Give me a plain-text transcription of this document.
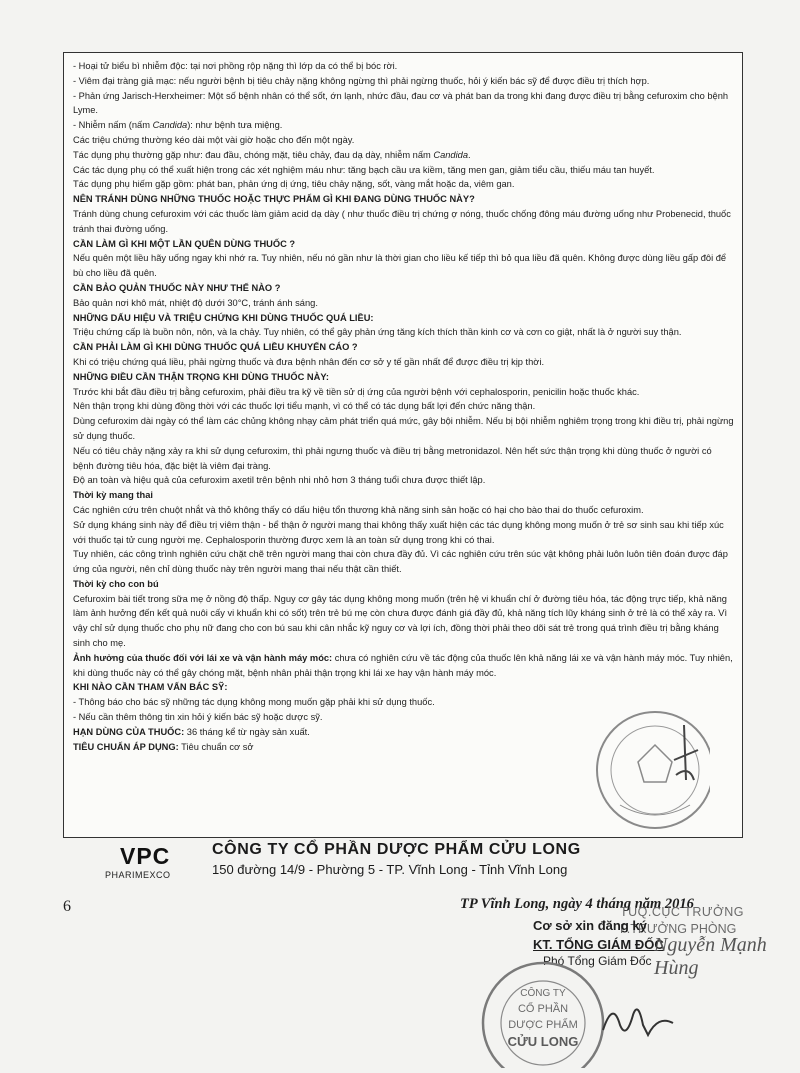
- Hoại tử biểu bì nhiễm độc: tại nơi phồng rộp nặng thì lớp da có thể bị bóc rời.

- Viêm đại tràng giả mạc: nếu người bệnh bị tiêu chảy nặng không ngừng thì phải ngừng thuốc, hỏi ý kiến bác sỹ để được điều trị thích hợp.

- Phản ứng Jarisch-Herxheimer: Một số bệnh nhân có thể sốt, ớn lạnh, nhức đầu, đau cơ và phát ban da trong khi đang được điều trị bằng cefuroxim cho bệnh Lyme.

- Nhiễm nấm (nấm Candida): như bệnh tưa miệng.

Các triệu chứng thường kéo dài một vài giờ hoặc cho đến một ngày.

Tác dụng phụ thường gặp như: đau đầu, chóng mặt, tiêu chảy, đau dạ dày, nhiễm nấm Candida.

Các tác dụng phụ có thể xuất hiện trong các xét nghiệm máu như: tăng bạch cầu ưa kiềm, tăng men gan, giảm tiểu cầu, thiếu máu tan huyết.

Tác dụng phụ hiếm gặp gồm: phát ban, phản ứng dị ứng, tiêu chảy nặng, sốt, vàng mắt hoặc da, viêm gan.

NÊN TRÁNH DÙNG NHỮNG THUỐC HOẶC THỰC PHẨM GÌ KHI ĐANG DÙNG THUỐC NÀY?

Tránh dùng chung cefuroxim với các thuốc làm giảm acid dạ dày ( như thuốc điều trị chứng ợ nóng, thuốc chống đông máu đường uống như Probenecid, thuốc tránh thai đường uống.

CẦN LÀM GÌ KHI MỘT LẦN QUÊN DÙNG THUỐC ?

Nếu quên một liều hãy uống ngay khi nhớ ra. Tuy nhiên, nếu nó gần như là thời gian cho liều kế tiếp thì bỏ qua liều đã quên. Không được dùng liều gấp đôi để bù cho liều đã quên.

CẦN BẢO QUẢN THUỐC NÀY NHƯ THẾ NÀO ?

Bảo quản nơi khô mát, nhiệt độ dưới 30°C, tránh ánh sáng.

NHỮNG DẤU HIỆU VÀ TRIỆU CHỨNG KHI DÙNG THUỐC QUÁ LIỀU:

Triệu chứng cấp là buồn nôn, nôn, và la chảy. Tuy nhiên, có thể gây phản ứng tăng kích thích thần kinh cơ và cơn co giật, nhất là ở người suy thận.

CẦN PHẢI LÀM GÌ KHI DÙNG THUỐC QUÁ LIỀU KHUYẾN CÁO ?

Khi có triệu chứng quá liều, phải ngừng thuốc và đưa bệnh nhân đến cơ sở y tế gần nhất để được điều trị kịp thời.

NHỮNG ĐIỀU CẦN THẬN TRỌNG KHI DÙNG THUỐC NÀY:

Trước khi bắt đầu điều trị bằng cefuroxim, phải điều tra kỹ về tiền sử dị ứng của người bệnh với cephalosporin, penicilin hoặc thuốc khác.

Nên thận trọng khi dùng đồng thời với các thuốc lợi tiểu mạnh, vì có thể có tác dụng bất lợi đến chức năng thận.

Dùng cefuroxim dài ngày có thể làm các chủng không nhạy cảm phát triển quá mức, gây bội nhiễm. Nếu bị bội nhiễm nghiêm trọng trong khi điều trị, phải ngừng sử dụng thuốc.

Nếu có tiêu chảy nặng xảy ra khi sử dụng cefuroxim, thì phải ngưng thuốc và điều trị bằng metronidazol. Nên hết sức thận trọng khi dùng thuốc ở người có bệnh đường tiêu hóa, đặc biệt là viêm đại tràng.

Độ an toàn và hiệu quả của cefuroxim axetil trên bệnh nhi nhỏ hơn 3 tháng tuổi chưa được thiết lập.

Thời kỳ mang thai

Các nghiên cứu trên chuột nhắt và thỏ không thấy có dấu hiệu tổn thương khả năng sinh sản hoặc có hại cho bào thai do thuốc cefuroxim.

Sử dụng kháng sinh này để điều trị viêm thận - bể thận ở người mang thai không thấy xuất hiện các tác dụng không mong muốn ở trẻ sơ sinh sau khi tiếp xúc với thuốc tại tử cung người mẹ. Cephalosporin thường được xem là an toàn sử dụng trong khi có thai.

Tuy nhiên, các công trình nghiên cứu chặt chẽ trên người mang thai còn chưa đầy đủ. Vì các nghiên cứu trên súc vật không phải luôn luôn tiên đoán được đáp ứng của người, nên chỉ dùng thuốc này trên người mang thai nếu thật cần thiết.

Thời kỳ cho con bú

Cefuroxim bài tiết trong sữa mẹ ở nồng độ thấp. Nguy cơ gây tác dụng không mong muốn (trên hệ vi khuẩn chí ở đường tiêu hóa, tác động trực tiếp, khả năng làm ảnh hưởng đến kết quả nuôi cấy vi khuẩn khi có sốt) trên trẻ bú mẹ còn chưa được đánh giá đầy đủ, khả năng tích lũy kháng sinh ở trẻ là có thể xảy ra. Vì vậy chỉ sử dụng thuốc cho phụ nữ đang cho con bú sau khi cân nhắc kỹ nguy cơ và lợi ích, đồng thời phải theo dõi sát trẻ trong quá trình điều trị bằng kháng sinh cho mẹ.

Ảnh hưởng của thuốc đối với lái xe và vận hành máy móc: chưa có nghiên cứu về tác động của thuốc lên khả năng lái xe và vận hành máy móc. Tuy nhiên, khi dùng thuốc này có thể gây chóng mặt, bệnh nhân phải thận trọng khi lái xe hay vận hành máy móc.

KHI NÀO CẦN THAM VẤN BÁC SỸ:

- Thông báo cho bác sỹ những tác dụng không mong muốn gặp phải khi sử dụng thuốc.

- Nếu cần thêm thông tin xin hỏi ý kiến bác sỹ hoặc dược sỹ.

HẠN DÙNG CỦA THUỐC: 36 tháng kể từ ngày sản xuất.

TIÊU CHUẨN ÁP DỤNG: Tiêu chuẩn cơ sở

VPC
PHARIMEXCO
CÔNG TY CỔ PHẦN DƯỢC PHẨM CỬU LONG
150 đường 14/9 - Phường 5 - TP. Vĩnh Long - Tỉnh Vĩnh Long
6	TP Vĩnh Long, ngày 4 tháng năm 2016
TUQ.CỤC TRƯỞNG
P.TRƯỞNG PHÒNG
Cơ sở xin đăng ký
KT. TỔNG GIÁM ĐỐC
Phó Tổng Giám Đốc
Nguyễn Mạnh Hùng
CÔNG TY
CỔ PHẦN
DƯỢC PHẨM
CỬU LONG
